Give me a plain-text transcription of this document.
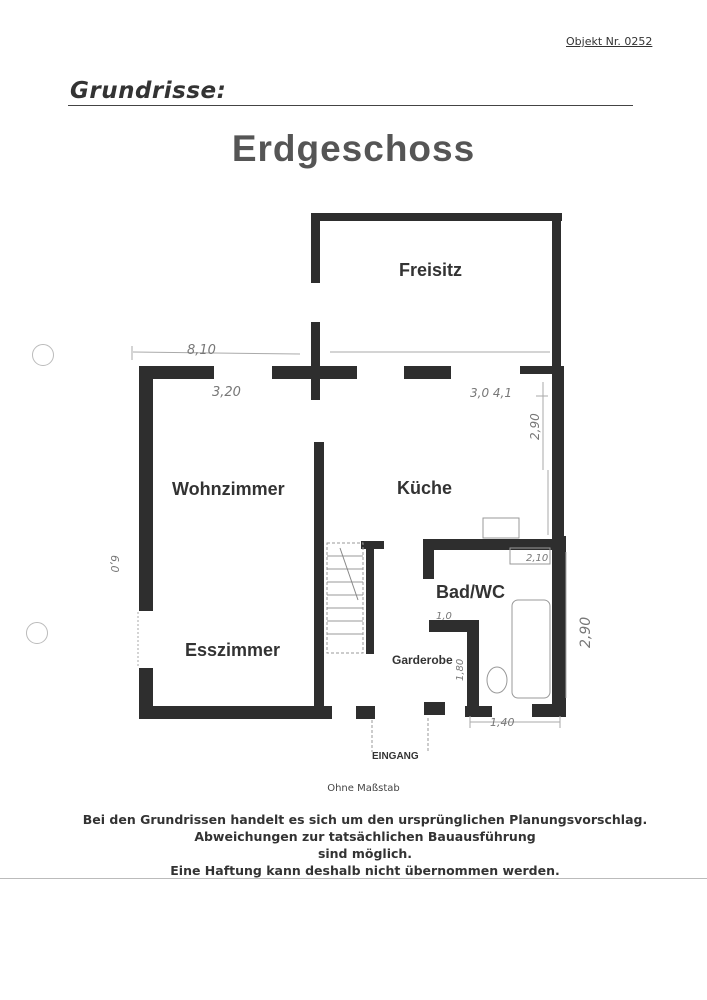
Objekt Nr. 0252
Grundrisse:
Erdgeschoss
Freisitz
Wohnzimmer	Küche
Esszimmer
Bad/WC
Garderobe
EINGANG
8,10
3,20	3,0 4,1
2,90
2,10
2,90
1,0
1,80
1,40
6,0
Ohne Maßstab
Bei den Grundrissen handelt es sich um den ursprünglichen Planungsvorschlag.
Abweichungen zur tatsächlichen Bauausführung
sind möglich.
Eine Haftung kann deshalb nicht übernommen werden.
